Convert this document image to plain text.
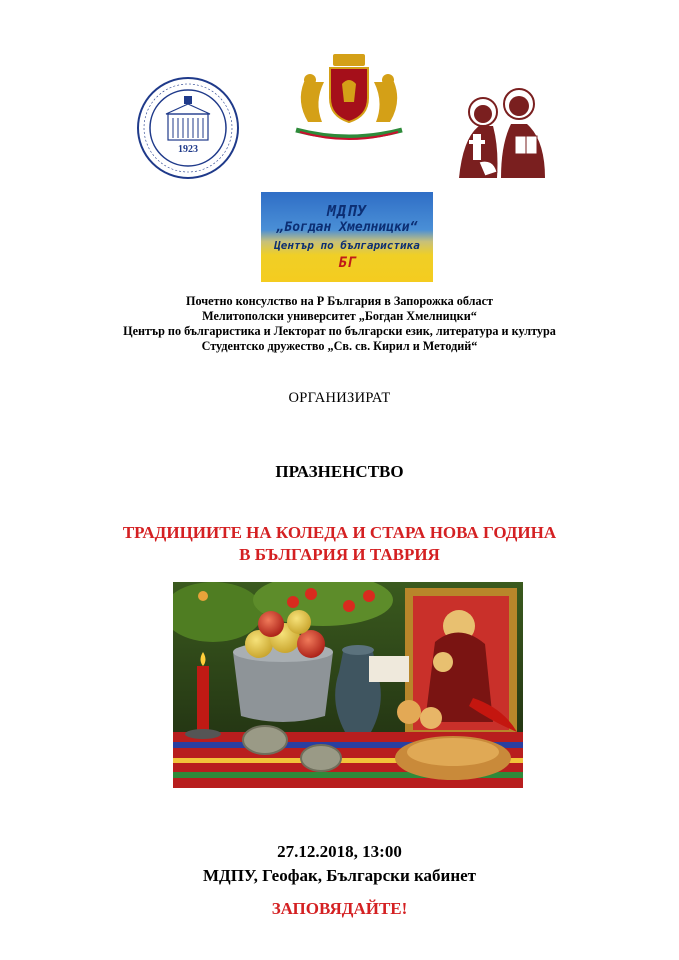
1923
МДПУ
„Богдан Хмелницки“
Център по българистика
БГ
Почетно консулство на Р България в Запорожка област
Мелитополски университет „Богдан Хмелницки“
Център по българистика и Лекторат по български език, литература и култура
Студентско дружество „Св. св. Кирил и Методий“
ОРГАНИЗИРАТ
ПРАЗНЕНСТВО
ТРАДИЦИИТЕ НА КОЛЕДА И СТАРА НОВА ГОДИНА
В БЪЛГАРИЯ И ТАВРИЯ
27.12.2018, 13:00
МДПУ, Геофак, Български кабинет
ЗАПОВЯДАЙТЕ!
